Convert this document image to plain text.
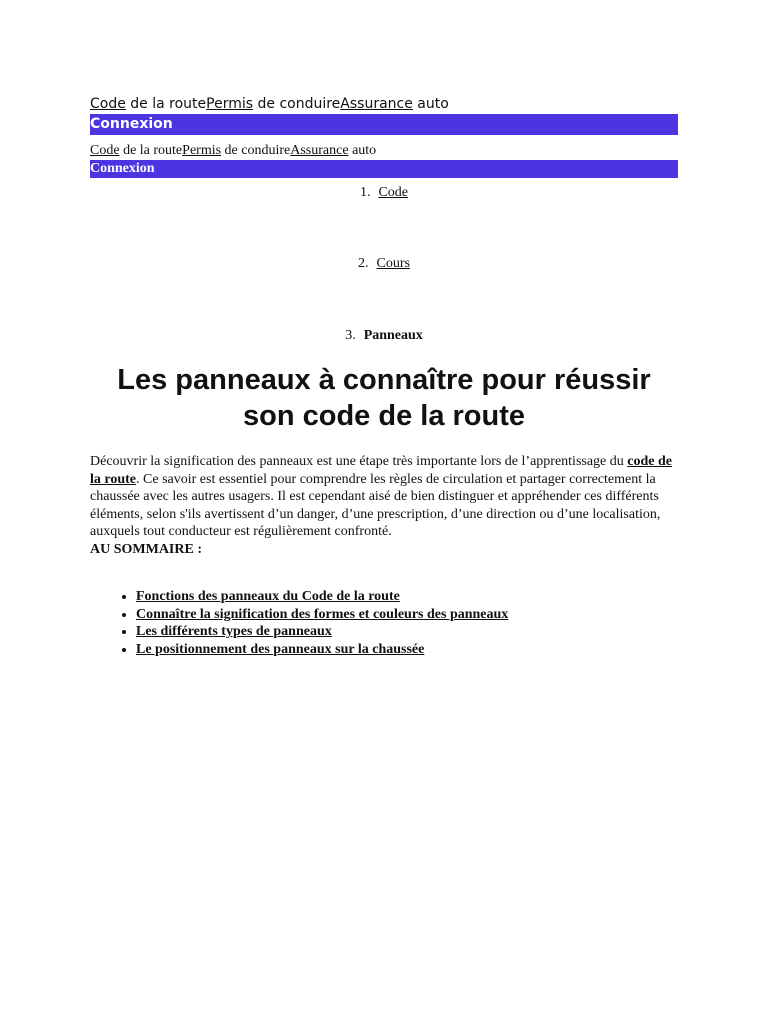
Code de la routePermis de conduireAssurance auto
Connexion
Code de la routePermis de conduireAssurance auto
Connexion
1. Code
2. Cours
3. Panneaux
Les panneaux à connaître pour réussir son code de la route

Découvrir la signification des panneaux est une étape très importante lors de l’apprentissage du code de la route. Ce savoir est essentiel pour comprendre les règles de circulation et partager correctement la chaussée avec les autres usagers. Il est cependant aisé de bien distinguer et appréhender ces différents éléments, selon s'ils avertissent d’un danger, d’une prescription, d’une direction ou d’une localisation, auxquels tout conducteur est régulièrement confronté.
AU SOMMAIRE :

• Fonctions des panneaux du Code de la route
• Connaître la signification des formes et couleurs des panneaux
• Les différents types de panneaux
• Le positionnement des panneaux sur la chaussée
